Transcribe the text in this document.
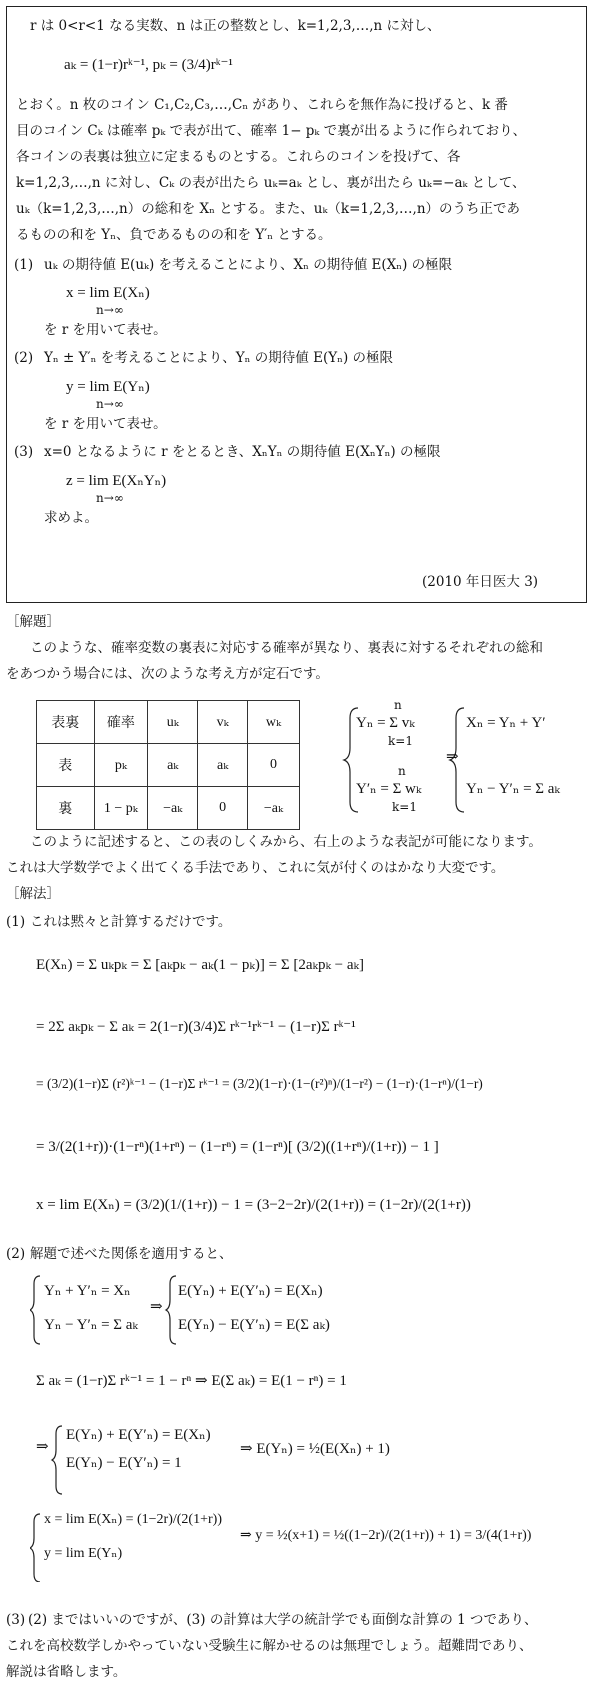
r は 0<r<1 なる実数、n は正の整数とし、k=1,2,3,…,n に対し、
aₖ = (1−r)rᵏ⁻¹, pₖ = (3/4)rᵏ⁻¹
とおく。n 枚のコイン C₁,C₂,C₃,…,Cₙ があり、これらを無作為に投げると、k 番
目のコイン Cₖ は確率 pₖ で表が出て、確率 1− pₖ で裏が出るように作られており、
各コインの表裏は独立に定まるものとする。これらのコインを投げて、各
k=1,2,3,…,n に対し、Cₖ の表が出たら uₖ=aₖ とし、裏が出たら uₖ=−aₖ として、
uₖ（k=1,2,3,…,n）の総和を Xₙ とする。また、uₖ（k=1,2,3,…,n）のうち正であ
るものの和を Yₙ、負であるものの和を Y′ₙ とする。
(1) uₖ の期待値 E(uₖ) を考えることにより、Xₙ の期待値 E(Xₙ) の極限
x = lim E(Xₙ)
n→∞
を r を用いて表せ。
(2) Yₙ ± Y′ₙ を考えることにより、Yₙ の期待値 E(Yₙ) の極限
y = lim E(Yₙ)
n→∞
を r を用いて表せ。
(3) x=0 となるように r をとるとき、XₙYₙ の期待値 E(XₙYₙ) の極限
z = lim E(XₙYₙ)
n→∞
求めよ。
(2010 年日医大 3)
［解題］
このような、確率変数の裏表に対応する確率が異なり、裏表に対するそれぞれの総和
をあつかう場合には、次のような考え方が定石です。
表裏	確率	uₖ	vₖ	wₖ
表	pₖ	aₖ	aₖ	0
裏	1 − pₖ	−aₖ	0	−aₖ
Yₙ = Σ vₖ
n
k=1
Y′ₙ = Σ wₖ
n
k=1
⇒
Xₙ = Yₙ + Y′
Yₙ − Y′ₙ = Σ aₖ
このように記述すると、この表のしくみから、右上のような表記が可能になります。
これは大学数学でよく出てくる手法であり、これに気が付くのはかなり大変です。
［解法］
(1) これは黙々と計算するだけです。
E(Xₙ) = Σ uₖpₖ = Σ [aₖpₖ − aₖ(1 − pₖ)] = Σ [2aₖpₖ − aₖ]
= 2Σ aₖpₖ − Σ aₖ = 2(1−r)(3/4)Σ rᵏ⁻¹rᵏ⁻¹ − (1−r)Σ rᵏ⁻¹
= (3/2)(1−r)Σ (r²)ᵏ⁻¹ − (1−r)Σ rᵏ⁻¹ = (3/2)(1−r)·(1−(r²)ⁿ)/(1−r²) − (1−r)·(1−rⁿ)/(1−r)
= 3/(2(1+r))·(1−rⁿ)(1+rⁿ) − (1−rⁿ) = (1−rⁿ)[ (3/2)((1+rⁿ)/(1+r)) − 1 ]
x = lim E(Xₙ) = (3/2)(1/(1+r)) − 1 = (3−2−2r)/(2(1+r)) = (1−2r)/(2(1+r))
(2) 解題で述べた関係を適用すると、
Yₙ + Y′ₙ = Xₙ
Yₙ − Y′ₙ = Σ aₖ
⇒
E(Yₙ) + E(Y′ₙ) = E(Xₙ)
E(Yₙ) − E(Y′ₙ) = E(Σ aₖ)
Σ aₖ = (1−r)Σ rᵏ⁻¹ = 1 − rⁿ ⇒ E(Σ aₖ) = E(1 − rⁿ) = 1
⇒
E(Yₙ) + E(Y′ₙ) = E(Xₙ)
E(Yₙ) − E(Y′ₙ) = 1
⇒ E(Yₙ) = ½(E(Xₙ) + 1)
x = lim E(Xₙ) = (1−2r)/(2(1+r))
y = lim E(Yₙ)
⇒ y = ½(x+1) = ½((1−2r)/(2(1+r)) + 1) = 3/(4(1+r))
(3) (2) まではいいのですが、(3) の計算は大学の統計学でも面倒な計算の 1 つであり、
これを高校数学しかやっていない受験生に解かせるのは無理でしょう。超難問であり、
解説は省略します。
